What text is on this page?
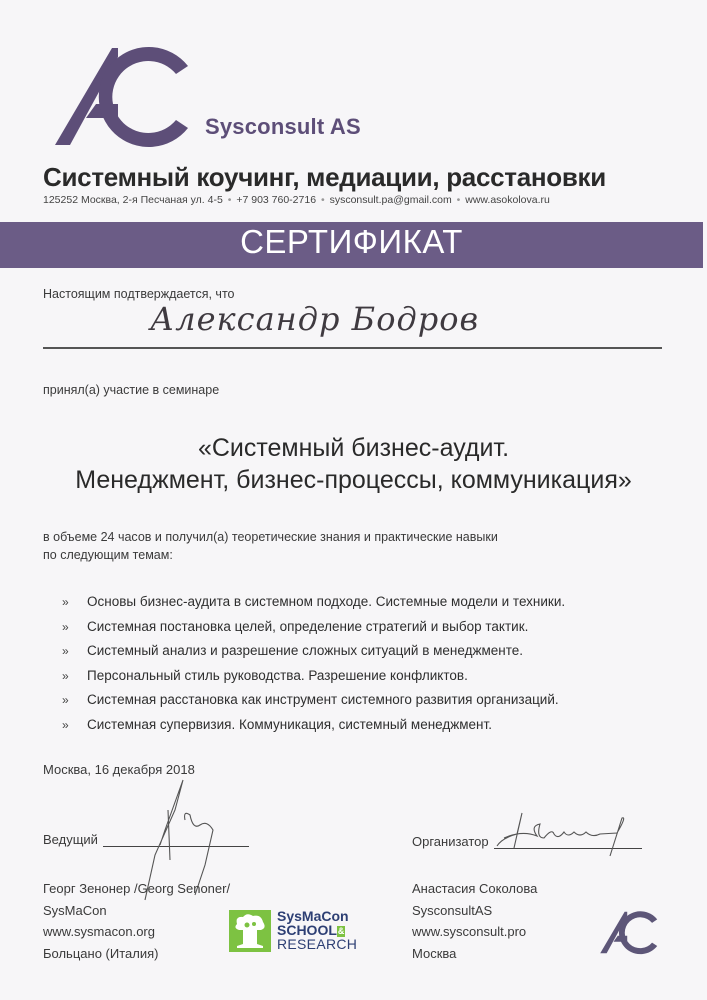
Sysconsult AS
Системный коучинг, медиации, расстановки
125252 Москва, 2-я Песчаная ул. 4-5 • +7 903 760-2716 • sysconsult.pa@gmail.com • www.asokolova.ru
СЕРТИФИКАТ
Настоящим подтверждается, что
Александр Бодров
принял(а) участие в семинаре
«Системный бизнес-аудит.
Менеджмент, бизнес-процессы, коммуникация»
в объеме 24 часов и получил(а) теоретические знания и практические навыки
по следующим темам:
» Основы бизнес-аудита в системном подходе. Системные модели и техники.
» Системная постановка целей, определение стратегий и выбор тактик.
» Системный анализ и разрешение сложных ситуаций в менеджменте.
» Персональный стиль руководства. Разрешение конфликтов.
» Системная расстановка как инструмент системного развития организаций.
» Системная супервизия. Коммуникация, системный менеджмент.
Москва, 16 декабря 2018
Ведущий
Георг Зенонер /Georg Senoner/
SysMaCon
www.sysmacon.org
Больцано (Италия)
SysMaCon
SCHOOL&
RESEARCH
Организатор
Анастасия Соколова
SysconsultAS
www.sysconsult.pro
Москва
